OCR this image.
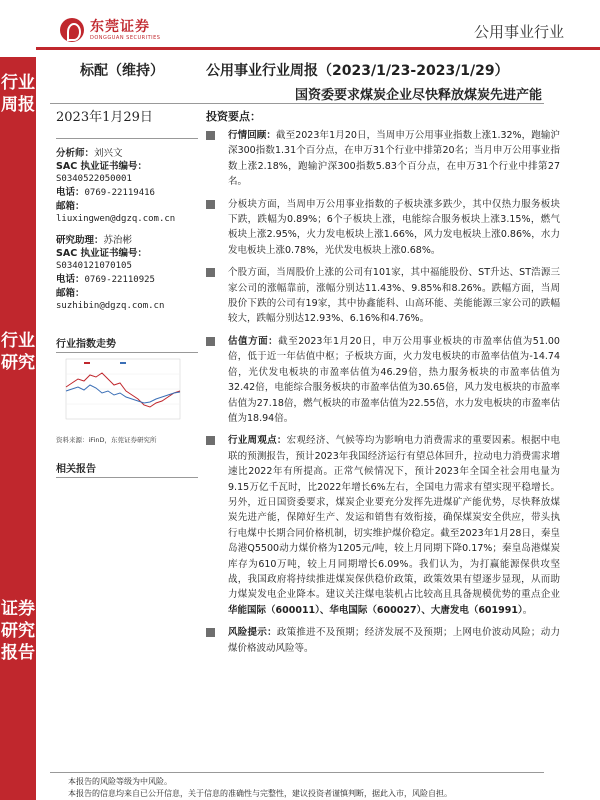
行业周报
行业研究
证券研究报告
东莞证券
DONGGUAN SECURITIES	公用事业行业
标配（维持）	公用事业行业周报（2023/1/23-2023/1/29）
国资委要求煤炭企业尽快释放煤炭先进产能
2023年1月29日
分析师：刘兴文
SAC 执业证书编号：
S0340522050001
电话：0769-22119416
邮箱：
liuxingwen@dgzq.com.cn
研究助理：苏治彬
SAC 执业证书编号：
S0340121070105
电话：0769-22110925
邮箱：
suzhibin@dgzq.com.cn
行业指数走势
资料来源：iFinD，东莞证券研究所
相关报告
投资要点：
行情回顾：截至2023年1月20日，当周申万公用事业指数上涨1.32%，跑输沪深300指数1.31个百分点，在申万31个行业中排第20名；当月申万公用事业指数上涨2.18%，跑输沪深300指数5.83个百分点，在申万31个行业中排第27名。
分板块方面，当周申万公用事业指数的子板块涨多跌少，其中仅热力服务板块下跌，跌幅为0.89%；6个子板块上涨，电能综合服务板块上涨3.15%，燃气板块上涨2.95%，火力发电板块上涨1.66%，风力发电板块上涨0.86%，水力发电板块上涨0.78%，光伏发电板块上涨0.68%。
个股方面，当周股价上涨的公司有101家，其中福能股份、ST升达、ST浩源三家公司的涨幅靠前，涨幅分别达11.43%、9.85%和8.26%。跌幅方面，当周股价下跌的公司有19家，其中协鑫能科、山高环能、美能能源三家公司的跌幅较大，跌幅分别达12.93%、6.16%和4.76%。
估值方面：截至2023年1月20日，申万公用事业板块的市盈率估值为51.00倍，低于近一年估值中枢；子板块方面，火力发电板块的市盈率估值为-14.74倍，光伏发电板块的市盈率估值为46.29倍，热力服务板块的市盈率估值为32.42倍，电能综合服务板块的市盈率估值为30.65倍，风力发电板块的市盈率估值为27.18倍，燃气板块的市盈率估值为22.55倍，水力发电板块的市盈率估值为18.94倍。
行业周观点：宏观经济、气候等均为影响电力消费需求的重要因素。根据中电联的预测报告，预计2023年我国经济运行有望总体回升，拉动电力消费需求增速比2022年有所提高。正常气候情况下，预计2023年全国全社会用电量为9.15万亿千瓦时，比2022年增长6%左右，全国电力需求有望实现平稳增长。另外，近日国资委要求，煤炭企业要充分发挥先进煤矿产能优势，尽快释放煤炭先进产能，保障好生产、发运和销售有效衔接，确保煤炭安全供应，带头执行电煤中长期合同价格机制，切实维护煤价稳定。截至2023年1月28日，秦皇岛港Q5500动力煤价格为1205元/吨，较上月同期下降0.17%；秦皇岛港煤炭库存为610万吨，较上月同期增长6.09%。我们认为，为打赢能源保供攻坚战，我国政府将持续推进煤炭保供稳价政策，政策效果有望逐步显现，从而助力煤炭发电企业降本。建议关注煤电装机占比较高且具备规模优势的重点企业华能国际（600011）、华电国际（600027）、大唐发电（601991）。
风险提示：政策推进不及预期；经济发展不及预期；上网电价波动风险；动力煤价格波动风险等。
本报告的风险等级为中风险。
本报告的信息均来自已公开信息，关于信息的准确性与完整性，建议投资者谨慎判断，据此入市，风险自担。
